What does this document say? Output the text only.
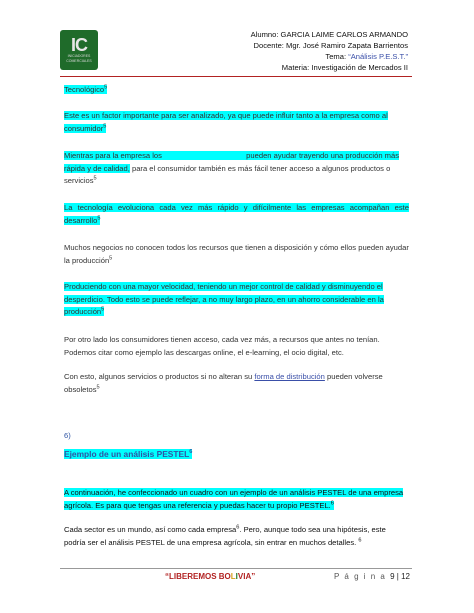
IC
INICIADORES COMERCIALES
Alumno: GARCIA LAIME CARLOS ARMANDO
Docente: Mgr. José Ramiro Zapata Barrientos
Tema: “Análisis P.E.S.T.”
Materia: Investigación de Mercados II
Tecnológico$^5$
Este es un factor importante para ser analizado, ya que puede influir tanto a la empresa como al consumidor$^5$
Mientras para la empresa los	pueden ayudar trayendo una producción más rápida y de calidad, para el consumidor también es más fácil tener acceso a algunos productos o servicios$^5$
La tecnología evoluciona cada vez más rápido y difícilmente las empresas acompañan este desarrollo$^5$
Muchos negocios no conocen todos los recursos que tienen a disposición y cómo ellos pueden ayudar la producción$^5$
Produciendo con una mayor velocidad, teniendo un mejor control de calidad y disminuyendo el desperdicio. Todo esto se puede reflejar, a no muy largo plazo, en un ahorro considerable en la producción$^5$
Por otro lado los consumidores tienen acceso, cada vez más, a recursos que antes no tenían. Podemos citar como ejemplo las descargas online, el e-learning, el ocio digital, etc.
Con esto, algunos servicios o productos si no alteran su forma de distribución pueden volverse obsoletos$^5$
6)
Ejemplo de un análisis PESTEL$^6$
A continuación, he confeccionado un cuadro con un ejemplo de un análisis PESTEL de una empresa agrícola. Es para que tengas una referencia y puedas hacer tu propio PESTEL.$^6$
Cada sector es un mundo, así como cada empresa$^6$. Pero, aunque todo sea una hipótesis, este podría ser el análisis PESTEL de una empresa agrícola, sin entrar en muchos detalles. $^6$
“LIBEREMOS BOLIVIA”	P á g i n a 9 | 12
